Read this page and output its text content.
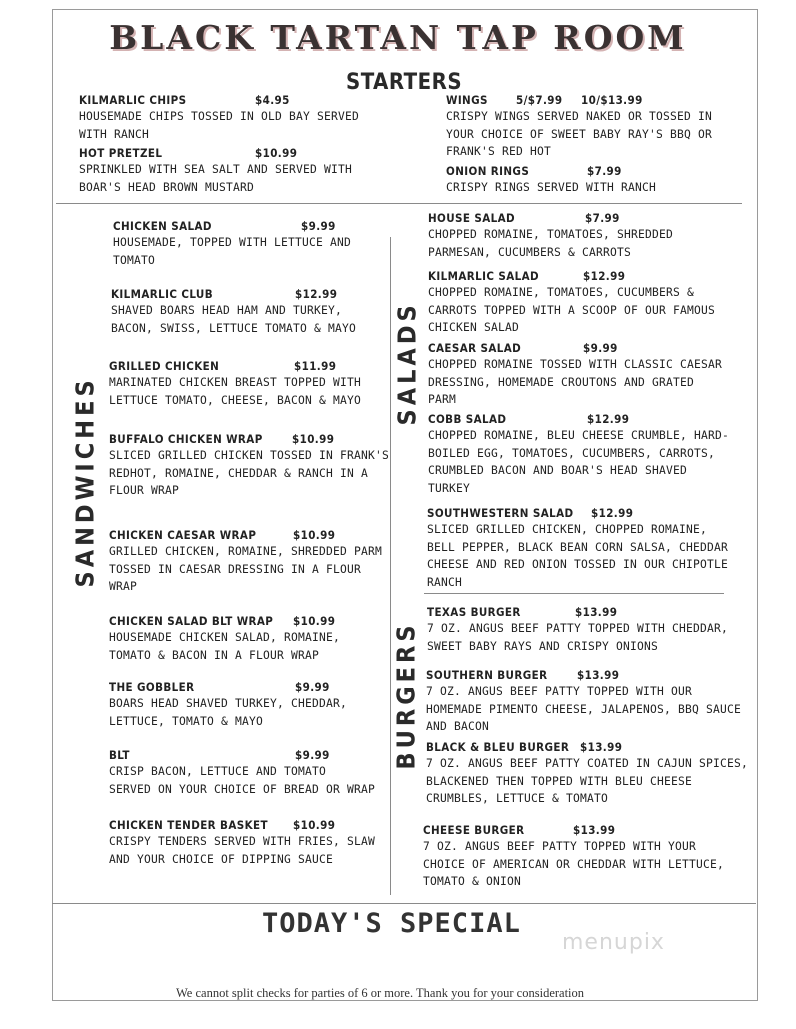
BLACK TARTAN TAP ROOM
STARTERS
SANDWICHES
SALADS
BURGERS
KILMARLIC CHIPS	$4.95
HOUSEMADE CHIPS TOSSED IN OLD BAY SERVED
WITH RANCH
HOT PRETZEL	$10.99
SPRINKLED WITH SEA SALT AND SERVED WITH
BOAR'S HEAD BROWN MUSTARD
WINGS 5/$7.99 10/$13.99
CRISPY WINGS SERVED NAKED OR TOSSED IN
YOUR CHOICE OF SWEET BABY RAY'S BBQ OR
FRANK'S RED HOT
ONION RINGS	$7.99
CRISPY RINGS SERVED WITH RANCH
CHICKEN SALAD	$9.99
HOUSEMADE, TOPPED WITH LETTUCE AND
TOMATO
KILMARLIC CLUB	$12.99
SHAVED BOARS HEAD HAM AND TURKEY,
BACON, SWISS, LETTUCE TOMATO & MAYO
GRILLED CHICKEN	$11.99
MARINATED CHICKEN BREAST TOPPED WITH
LETTUCE TOMATO, CHEESE, BACON & MAYO
BUFFALO CHICKEN WRAP	$10.99
SLICED GRILLED CHICKEN TOSSED IN FRANK'S
REDHOT, ROMAINE, CHEDDAR & RANCH IN A
FLOUR WRAP
CHICKEN CAESAR WRAP	$10.99
GRILLED CHICKEN, ROMAINE, SHREDDED PARM
TOSSED IN CAESAR DRESSING IN A FLOUR
WRAP
CHICKEN SALAD BLT WRAP $10.99
HOUSEMADE CHICKEN SALAD, ROMAINE,
TOMATO & BACON IN A FLOUR WRAP
THE GOBBLER	$9.99
BOARS HEAD SHAVED TURKEY, CHEDDAR,
LETTUCE, TOMATO & MAYO
BLT	$9.99
CRISP BACON, LETTUCE AND TOMATO
SERVED ON YOUR CHOICE OF BREAD OR WRAP
CHICKEN TENDER BASKET $10.99
CRISPY TENDERS SERVED WITH FRIES, SLAW
AND YOUR CHOICE OF DIPPING SAUCE
HOUSE SALAD	$7.99
CHOPPED ROMAINE, TOMATOES, SHREDDED
PARMESAN, CUCUMBERS & CARROTS
KILMARLIC SALAD	$12.99
CHOPPED ROMAINE, TOMATOES, CUCUMBERS &
CARROTS TOPPED WITH A SCOOP OF OUR FAMOUS
CHICKEN SALAD
CAESAR SALAD	$9.99
CHOPPED ROMAINE TOSSED WITH CLASSIC CAESAR
DRESSING, HOMEMADE CROUTONS AND GRATED
PARM
COBB SALAD	$12.99
CHOPPED ROMAINE, BLEU CHEESE CRUMBLE, HARD-
BOILED EGG, TOMATOES, CUCUMBERS, CARROTS,
CRUMBLED BACON AND BOAR'S HEAD SHAVED
TURKEY
SOUTHWESTERN SALAD $12.99
SLICED GRILLED CHICKEN, CHOPPED ROMAINE,
BELL PEPPER, BLACK BEAN CORN SALSA, CHEDDAR
CHEESE AND RED ONION TOSSED IN OUR CHIPOTLE
RANCH
TEXAS BURGER	$13.99
7 OZ. ANGUS BEEF PATTY TOPPED WITH CHEDDAR,
SWEET BABY RAYS AND CRISPY ONIONS
SOUTHERN BURGER	$13.99
7 OZ. ANGUS BEEF PATTY TOPPED WITH OUR
HOMEMADE PIMENTO CHEESE, JALAPENOS, BBQ SAUCE
AND BACON
BLACK & BLEU BURGER $13.99
7 OZ. ANGUS BEEF PATTY COATED IN CAJUN SPICES,
BLACKENED THEN TOPPED WITH BLEU CHEESE
CRUMBLES, LETTUCE & TOMATO
CHEESE BURGER	$13.99
7 OZ. ANGUS BEEF PATTY TOPPED WITH YOUR
CHOICE OF AMERICAN OR CHEDDAR WITH LETTUCE,
TOMATO & ONION
TODAY'S SPECIAL
menupix
We cannot split checks for parties of 6 or more. Thank you for your consideration
